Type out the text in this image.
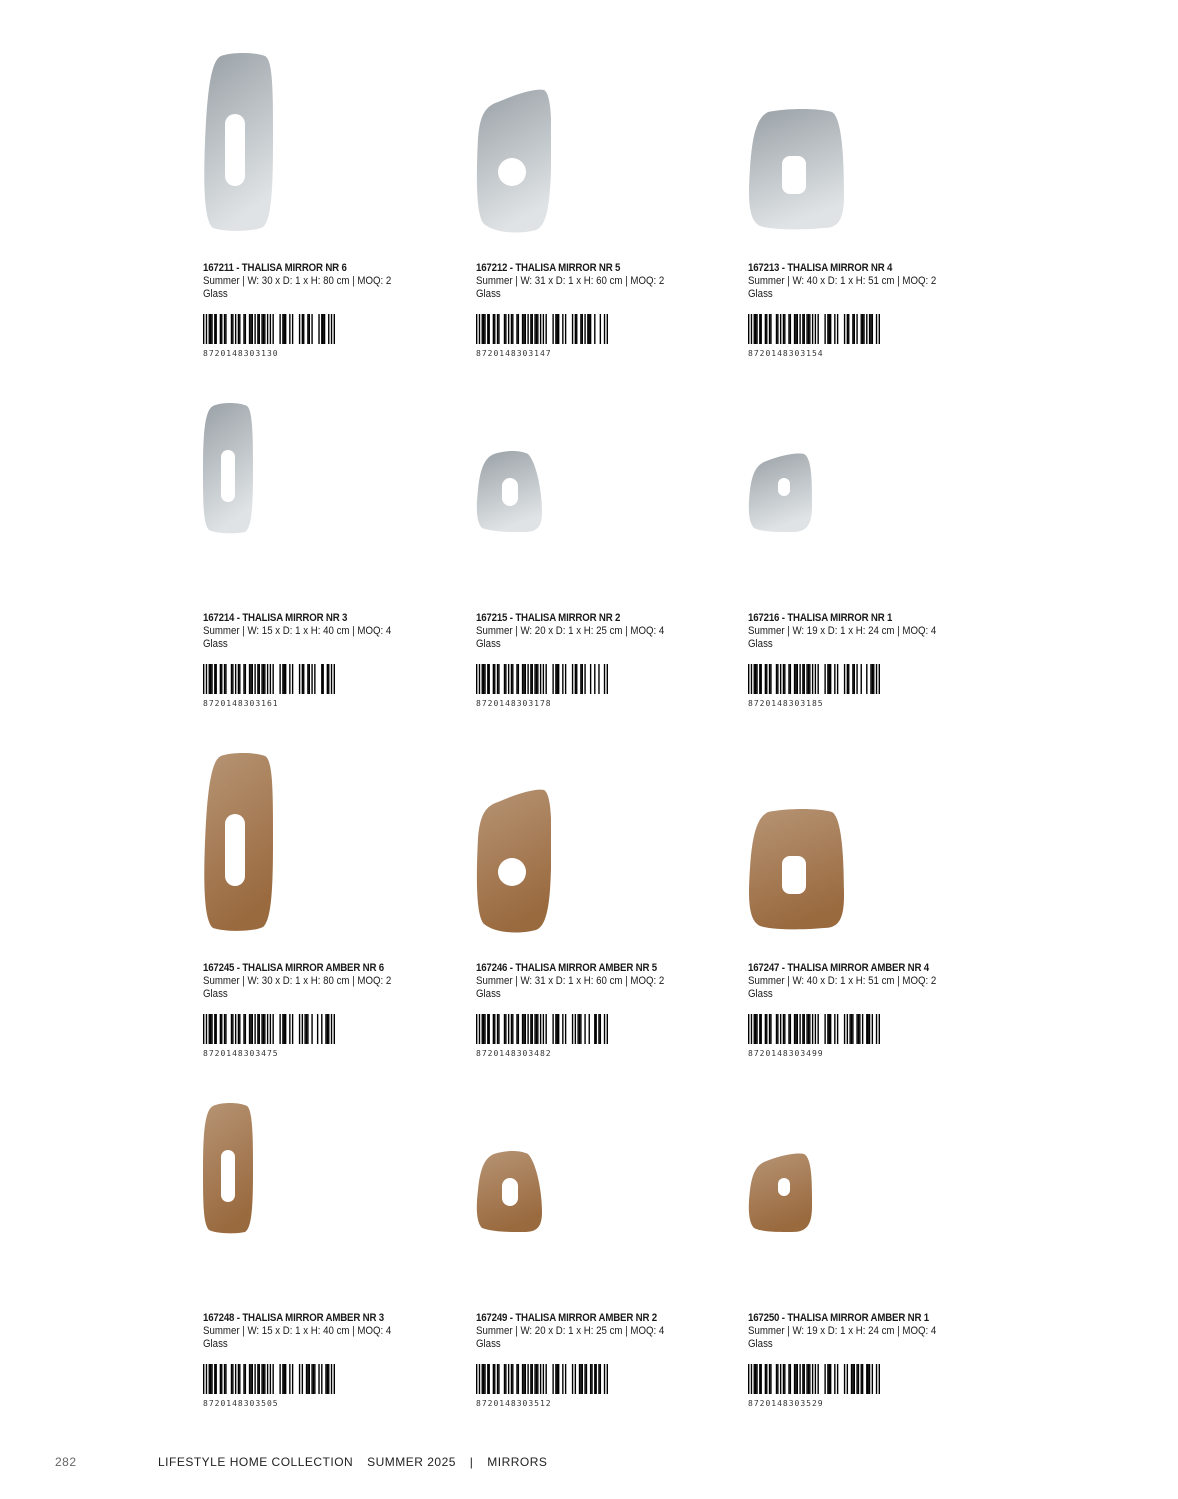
167211 - THALISA MIRROR NR 6
Summer | W: 30 x D: 1 x H: 80 cm | MOQ: 2
Glass
8720148303130
167212 - THALISA MIRROR NR 5
Summer | W: 31 x D: 1 x H: 60 cm | MOQ: 2
Glass
8720148303147
167213 - THALISA MIRROR NR 4
Summer | W: 40 x D: 1 x H: 51 cm | MOQ: 2
Glass
8720148303154
167214 - THALISA MIRROR NR 3
Summer | W: 15 x D: 1 x H: 40 cm | MOQ: 4
Glass
8720148303161
167215 - THALISA MIRROR NR 2
Summer | W: 20 x D: 1 x H: 25 cm | MOQ: 4
Glass
8720148303178
167216 - THALISA MIRROR NR 1
Summer | W: 19 x D: 1 x H: 24 cm | MOQ: 4
Glass
8720148303185
167245 - THALISA MIRROR AMBER NR 6
Summer | W: 30 x D: 1 x H: 80 cm | MOQ: 2
Glass
8720148303475
167246 - THALISA MIRROR AMBER NR 5
Summer | W: 31 x D: 1 x H: 60 cm | MOQ: 2
Glass
8720148303482
167247 - THALISA MIRROR AMBER NR 4
Summer | W: 40 x D: 1 x H: 51 cm | MOQ: 2
Glass
8720148303499
167248 - THALISA MIRROR AMBER NR 3
Summer | W: 15 x D: 1 x H: 40 cm | MOQ: 4
Glass
8720148303505
167249 - THALISA MIRROR AMBER NR 2
Summer | W: 20 x D: 1 x H: 25 cm | MOQ: 4
Glass
8720148303512
167250 - THALISA MIRROR AMBER NR 1
Summer | W: 19 x D: 1 x H: 24 cm | MOQ: 4
Glass
8720148303529
282	LIFESTYLE HOME COLLECTION SUMMER 2025 | MIRRORS
